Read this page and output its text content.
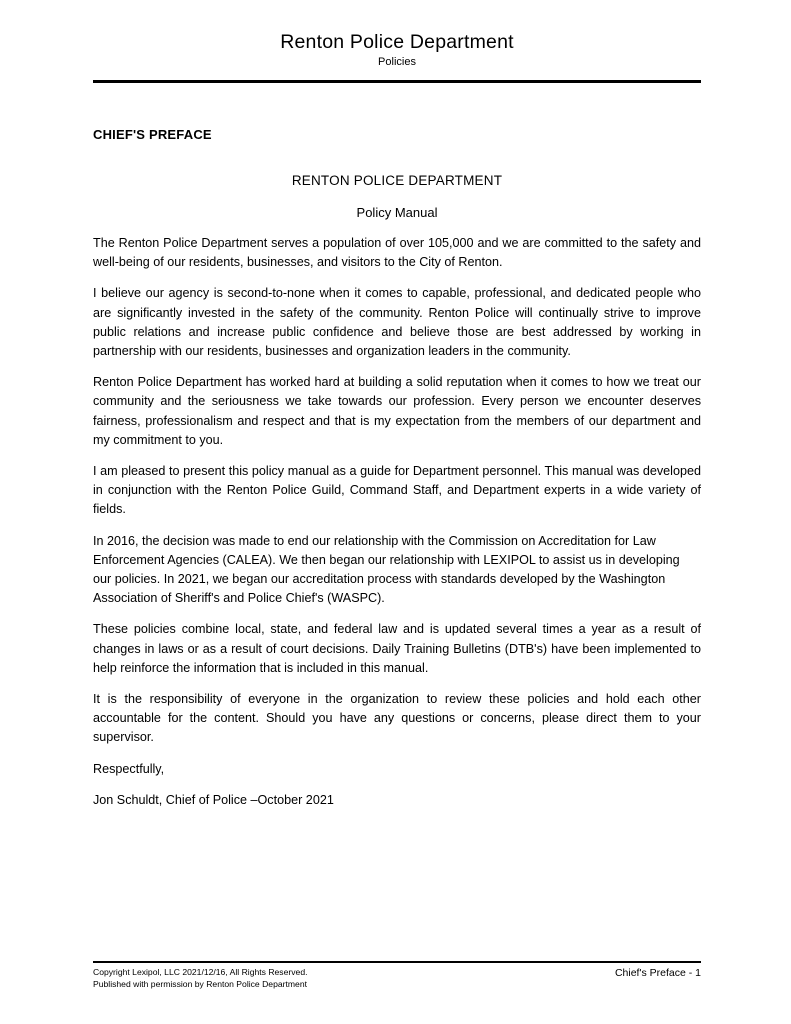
Renton Police Department
Policies
CHIEF'S PREFACE
RENTON POLICE DEPARTMENT
Policy Manual

The Renton Police Department serves a population of over 105,000 and we are committed to the safety and well-being of our residents, businesses, and visitors to the City of Renton.

I believe our agency is second-to-none when it comes to capable, professional, and dedicated people who are significantly invested in the safety of the community. Renton Police will continually strive to improve public relations and increase public confidence and believe those are best addressed by working in partnership with our residents, businesses and organization leaders in the community.

Renton Police Department has worked hard at building a solid reputation when it comes to how we treat our community and the seriousness we take towards our profession. Every person we encounter deserves fairness, professionalism and respect and that is my expectation from the members of our department and my commitment to you.

I am pleased to present this policy manual as a guide for Department personnel. This manual was developed in conjunction with the Renton Police Guild, Command Staff, and Department experts in a wide variety of fields.

In 2016, the decision was made to end our relationship with the Commission on Accreditation for Law Enforcement Agencies (CALEA). We then began our relationship with LEXIPOL to assist us in developing our policies. In 2021, we began our accreditation process with standards developed by the Washington Association of Sheriff's and Police Chief's (WASPC).

These policies combine local, state, and federal law and is updated several times a year as a result of changes in laws or as a result of court decisions. Daily Training Bulletins (DTB's) have been implemented to help reinforce the information that is included in this manual.

It is the responsibility of everyone in the organization to review these policies and hold each other accountable for the content. Should you have any questions or concerns, please direct them to your supervisor.

Respectfully,
Jon Schuldt, Chief of Police –October 2021
Copyright Lexipol, LLC 2021/12/16, All Rights Reserved.
Published with permission by Renton Police Department
Chief's Preface - 1
